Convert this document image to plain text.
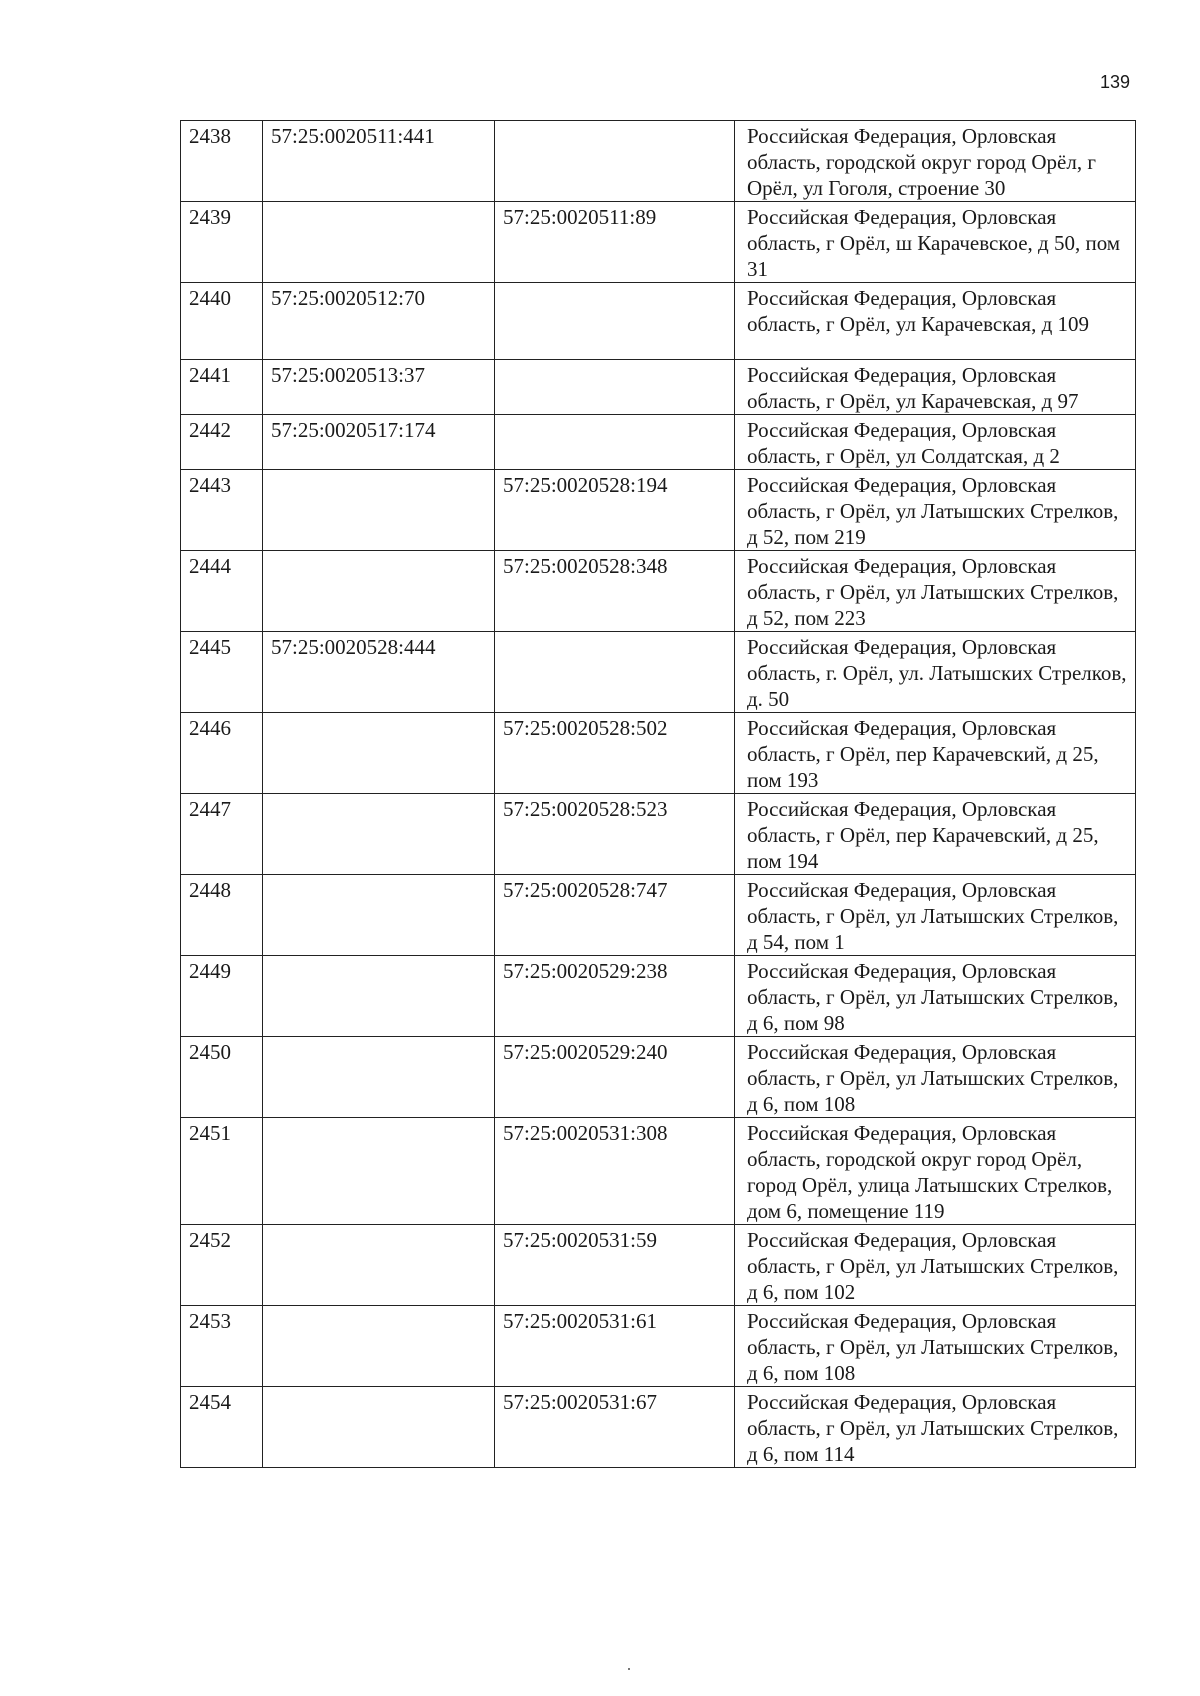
139
2438	57:25:0020511:441		Российская Федерация, Орловская область, городской округ город Орёл, г Орёл, ул Гоголя, строение 30
2439		57:25:0020511:89	Российская Федерация, Орловская область, г Орёл, ш Карачевское, д 50, пом 31
2440	57:25:0020512:70		Российская Федерация, Орловская область, г Орёл, ул Карачевская, д 109
2441	57:25:0020513:37		Российская Федерация, Орловская область, г Орёл, ул Карачевская, д 97
2442	57:25:0020517:174		Российская Федерация, Орловская область, г Орёл, ул Солдатская, д 2
2443		57:25:0020528:194	Российская Федерация, Орловская область, г Орёл, ул Латышских Стрелков, д 52, пом 219
2444		57:25:0020528:348	Российская Федерация, Орловская область, г Орёл, ул Латышских Стрелков, д 52, пом 223
2445	57:25:0020528:444		Российская Федерация, Орловская область, г. Орёл, ул. Латышских Стрелков, д. 50
2446		57:25:0020528:502	Российская Федерация, Орловская область, г Орёл, пер Карачевский, д 25, пом 193
2447		57:25:0020528:523	Российская Федерация, Орловская область, г Орёл, пер Карачевский, д 25, пом 194
2448		57:25:0020528:747	Российская Федерация, Орловская область, г Орёл, ул Латышских Стрелков, д 54, пом 1
2449		57:25:0020529:238	Российская Федерация, Орловская область, г Орёл, ул Латышских Стрелков, д 6, пом 98
2450		57:25:0020529:240	Российская Федерация, Орловская область, г Орёл, ул Латышских Стрелков, д 6, пом 108
2451		57:25:0020531:308	Российская Федерация, Орловская область, городской округ город Орёл, город Орёл, улица Латышских Стрелков, дом 6, помещение 119
2452		57:25:0020531:59	Российская Федерация, Орловская область, г Орёл, ул Латышских Стрелков, д 6, пом 102
2453		57:25:0020531:61	Российская Федерация, Орловская область, г Орёл, ул Латышских Стрелков, д 6, пом 108
2454		57:25:0020531:67	Российская Федерация, Орловская область, г Орёл, ул Латышских Стрелков, д 6, пом 114
